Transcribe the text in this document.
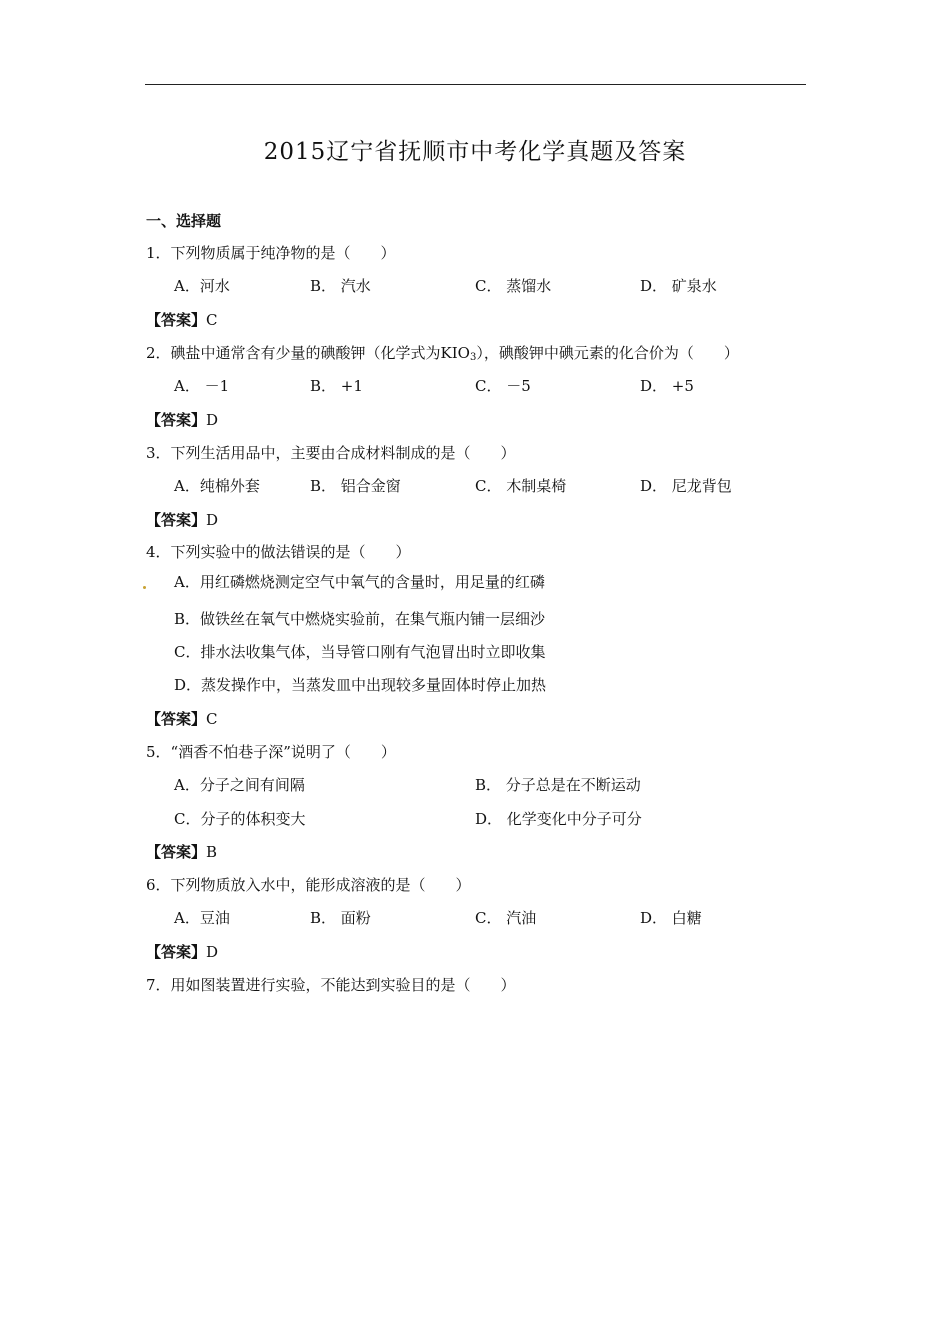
2015辽宁省抚顺市中考化学真题及答案
一、选择题
1．下列物质属于纯净物的是（　　）
A．河水	B． 汽水	C． 蒸馏水	D． 矿泉水
【答案】C
2．碘盐中通常含有少量的碘酸钾（化学式为$KIO_3$），碘酸钾中碘元素的化合价为（　　）
A． －1	B． +1	C． －5	D． +5
【答案】D
3．下列生活用品中，主要由合成材料制成的是（　　）
A．纯棉外套	B． 铝合金窗	C． 木制桌椅	D． 尼龙背包
【答案】D
4．下列实验中的做法错误的是（　　）
A．用红磷燃烧测定空气中氧气的含量时，用足量的红磷
B．做铁丝在氧气中燃烧实验前，在集气瓶内铺一层细沙
C．排水法收集气体，当导管口刚有气泡冒出时立即收集
D．蒸发操作中，当蒸发皿中出现较多量固体时停止加热
【答案】C
5．“酒香不怕巷子深”说明了（　　）
A．分子之间有间隔	B． 分子总是在不断运动
C．分子的体积变大	D． 化学变化中分子可分
【答案】B
6．下列物质放入水中，能形成溶液的是（　　）
A．豆油	B． 面粉	C． 汽油	D． 白糖
【答案】D
7．用如图装置进行实验，不能达到实验目的是（　　）
